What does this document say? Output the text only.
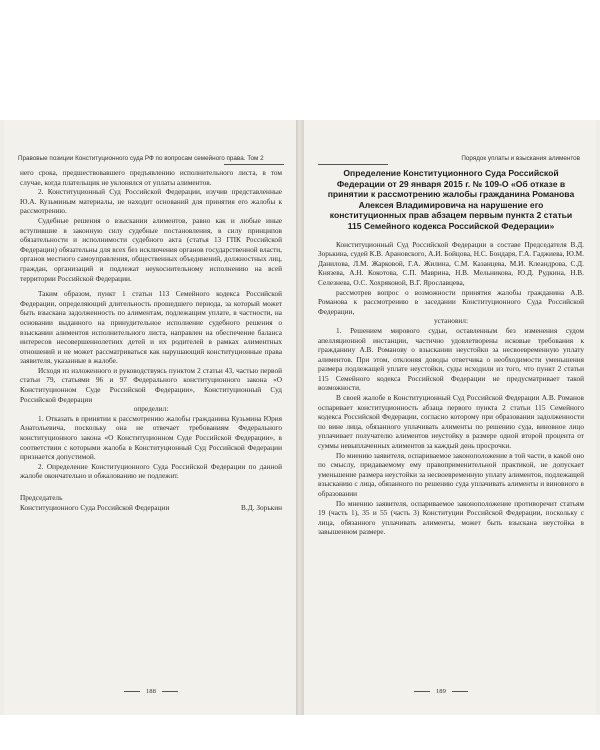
Правовые позиции Конституционного суда РФ по вопросам семейного права. Том 2

него срока, предшествовавшего предъявлению исполнительного листа, в том случае, когда плательщик не уклонялся от уплаты алиментов.

2. Конституционный Суд Российской Федерации, изучив представленные Ю.А. Кузьминым материалы, не находит оснований для принятия его жалобы к рассмотрению.

Судебные решения о взыскании алиментов, равно как и любые иные вступившие в законную силу судебные постановления, в силу принципов обязательности и исполнимости судебного акта (статья 13 ГПК Российской Федерации) обязательны для всех без исключения органов государственной власти, органов местного самоуправления, общественных объединений, должностных лиц, граждан, организаций и подлежат неукоснительному исполнению на всей территории Российской Федерации.

Таким образом, пункт 1 статьи 113 Семейного кодекса Российской Федерации, определяющий длительность прошедшего периода, за который может быть взыскана задолженность по алиментам, подлежащим уплате, в частности, на основании выданного на принудительное исполнение судебного решения о взыскании алиментов исполнительного листа, направлен на обеспечение баланса интересов несовершеннолетних детей и их родителей в рамках алиментных отношений и не может рассматриваться как нарушающий конституционные права заявителя, указанные в жалобе.

Исходя из изложенного и руководствуясь пунктом 2 статьи 43, частью первой статьи 79, статьями 96 и 97 Федерального конституционного закона «О Конституционном Суде Российской Федерации», Конституционный Суд Российской Федерации

определил:

1. Отказать в принятии к рассмотрению жалобы гражданина Кузьмина Юрия Анатольевича, поскольку она не отвечает требованиям Федерального конституционного закона «О Конституционном Суде Российской Федерации», в соответствии с которыми жалоба в Конституционный Суд Российской Федерации признается допустимой.

2. Определение Конституционного Суда Российской Федерации по данной жалобе окончательно и обжалованию не подлежит.

Председатель

Конституционного Суда Российской Федерации	В.Д. Зорькин
188
Порядок уплаты и взыскания алиментов
Определение Конституционного Суда Российской Федерации от 29 января 2015 г. № 109-О «Об отказе в принятии к рассмотрению жалобы гражданина Романова Алексея Владимировича на нарушение его конституционных прав абзацем первым пункта 2 статьи 115 Семейного кодекса Российской Федерации»

Конституционный Суд Российской Федерации в составе Председателя В.Д. Зорькина, судей К.В. Арановского, А.И. Бойцова, Н.С. Бондаря, Г.А. Гаджиева, Ю.М. Данилова, Л.М. Жарковой, Г.А. Жилина, С.М. Казанцева, М.И. Клеандрова, С.Д. Князева, А.Н. Кокотова, С.П. Маврина, Н.В. Мельникова, Ю.Д. Рудкина, Н.В. Селезнева, О.С. Хохряковой, В.Г. Ярославцева,

рассмотрев вопрос о возможности принятия жалобы гражданина А.В. Романова к рассмотрению в заседании Конституционного Суда Российской Федерации,

установил:

1. Решением мирового судьи, оставленным без изменения судом апелляционной инстанции, частично удовлетворены исковые требования к гражданину А.В. Романову о взыскании неустойки за несвоевременную уплату алиментов. При этом, отклоняя доводы ответчика о необходимости уменьшения размера подлежащей уплате неустойки, суды исходили из того, что пункт 2 статьи 115 Семейного кодекса Российской Федерации не предусматривает такой возможности.

В своей жалобе в Конституционный Суд Российской Федерации А.В. Романов оспаривает конституционность абзаца первого пункта 2 статьи 115 Семейного кодекса Российской Федерации, согласно которому при образовании задолженности по вине лица, обязанного уплачивать алименты по решению суда, виновное лицо уплачивает получателю алиментов неустойку в размере одной второй процента от суммы невыплаченных алиментов за каждый день просрочки.

По мнению заявителя, оспариваемое законоположение в той части, в какой оно по смыслу, придаваемому ему правоприменительной практикой, не допускает уменьшение размера неустойки за несвоевременную уплату алиментов, подлежащей взысканию с лица, обязанного по решению суда уплачивать алименты и виновного в образовании

По мнению заявителя, оспариваемое законоположение противоречит статьям 19 (часть 1), 35 и 55 (часть 3) Конституции Российской Федерации, поскольку с лица, обязанного уплачивать алименты, может быть взыскана неустойка в завышенном размере.

189
